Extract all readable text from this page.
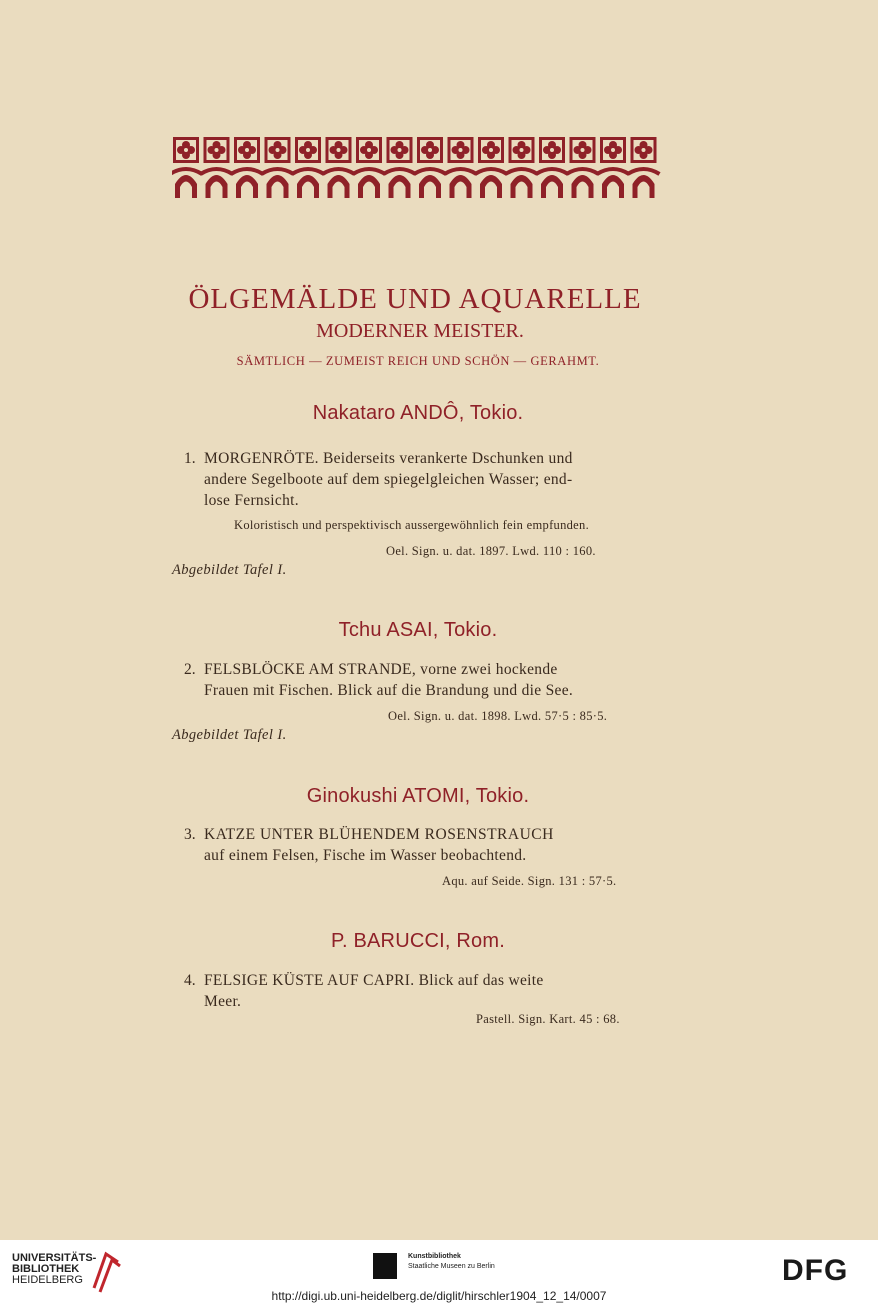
ÖLGEMÄLDE UND AQUARELLE
MODERNER MEISTER.
SÄMTLICH — ZUMEIST REICH UND SCHÖN — GERAHMT.
Nakataro ANDÔ, Tokio.
1. MORGENRÖTE. Beiderseits verankerte Dschunken und
andere Segelboote auf dem spiegelgleichen Wasser; end-
lose Fernsicht.
Koloristisch und perspektivisch aussergewöhnlich fein empfunden.
Oel. Sign. u. dat. 1897. Lwd. 110 : 160.
Abgebildet Tafel I.
Tchu ASAI, Tokio.
2. FELSBLÖCKE AM STRANDE, vorne zwei hockende
Frauen mit Fischen. Blick auf die Brandung und die See.
Oel. Sign. u. dat. 1898. Lwd. 57·5 : 85·5.
Abgebildet Tafel I.
Ginokushi ATOMI, Tokio.
3. KATZE UNTER BLÜHENDEM ROSENSTRAUCH
auf einem Felsen, Fische im Wasser beobachtend.
Aqu. auf Seide. Sign. 131 : 57·5.
P. BARUCCI, Rom.
4. FELSIGE KÜSTE AUF CAPRI. Blick auf das weite
Meer.
Pastell. Sign. Kart. 45 : 68.
UNIVERSITÄTS-
BIBLIOTHEK
HEIDELBERG
Kunstbibliothek
Staatliche Museen zu Berlin	DFG
http://digi.ub.uni-heidelberg.de/diglit/hirschler1904_12_14/0007
